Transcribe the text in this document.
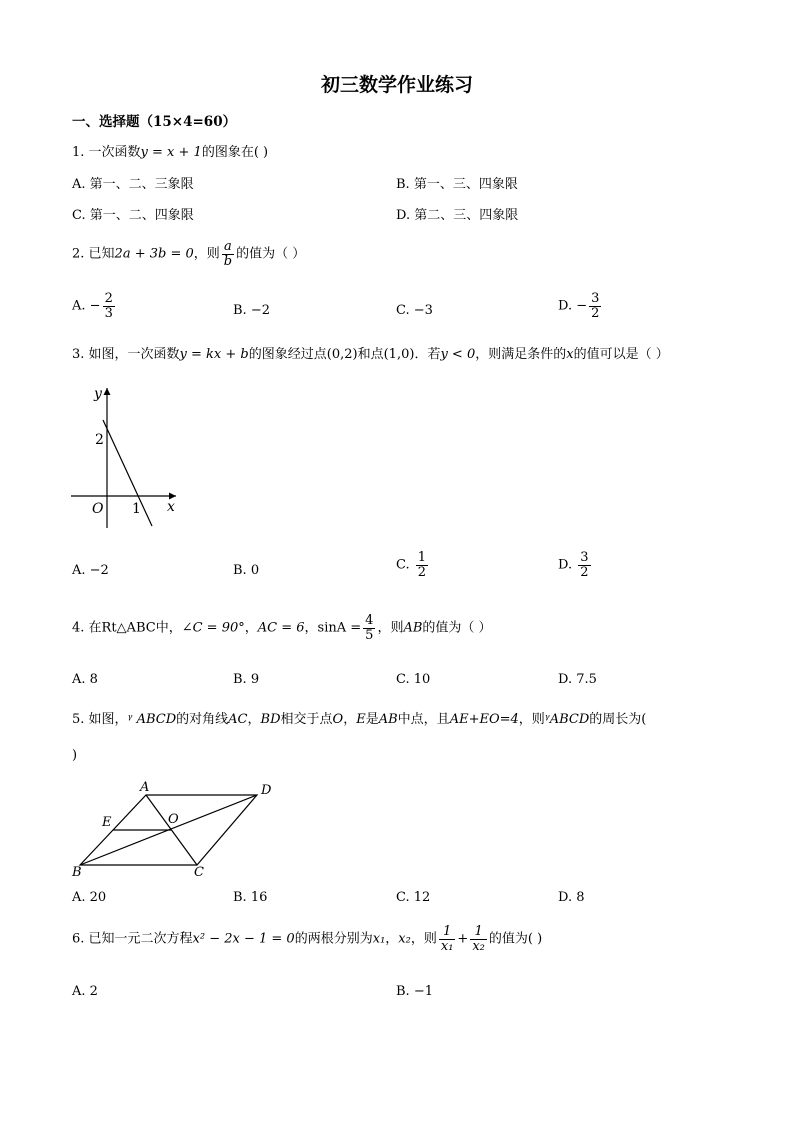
初三数学作业练习
一、选择题（15×4=60）
1. 一次函数y = x + 1的图象在( )
A. 第一、二、三象限	B. 第一、三、四象限
C. 第一、二、四象限	D. 第二、三、四象限
2. 已知2a + 3b = 0，则 $\frac{a}{b}$ 的值为（ ）
A. − $\frac{2}{3}$	B. −2	C. −3	D. − $\frac{3}{2}$
3. 如图，一次函数y = kx + b的图象经过点(0,2)和点(1,0)．若y < 0，则满足条件的x的值可以是（ ）
y
x
O
2
1
A. −2	B. 0	C. $\frac{1}{2}$	D. $\frac{3}{2}$
4. 在Rt△ABC中，∠C = 90°，AC = 6，$\sin A = \frac{4}{5}$ ，则AB的值为（ ）
A. 8	B. 9	C. 10	D. 7.5
5. 如图，ᵞ ABCD的对角线AC，BD相交于点O，E是AB中点，且AE+EO=4，则ᵞABCD的周长为(
)
A	D
E	O
B	C
A. 20	B. 16	C. 12	D. 8
6. 已知一元二次方程x² − 2x − 1 = 0的两根分别为x₁，x₂，则 $\frac{1}{\text{x₁}} + \frac{1}{\text{x₂}}$ 的值为( )
A. 2	B. −1
